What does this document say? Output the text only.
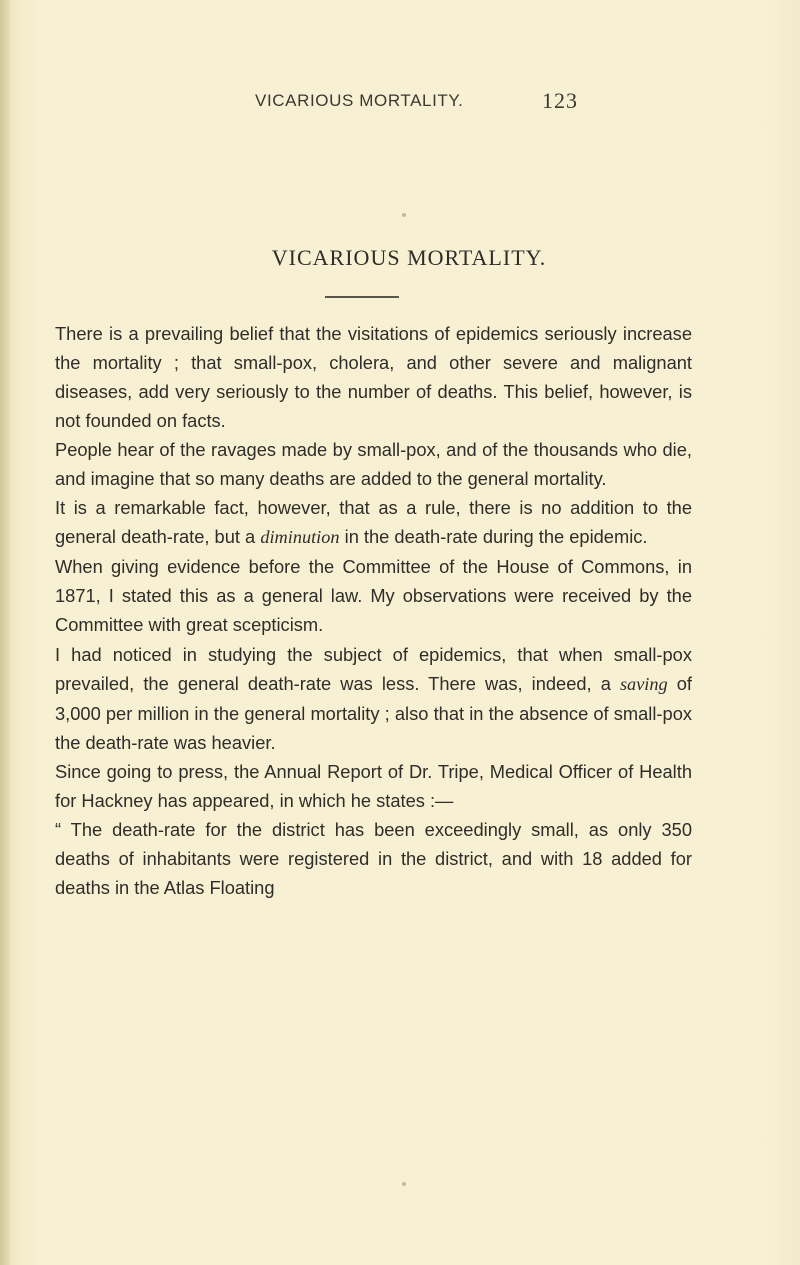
VICARIOUS MORTALITY.	123
VICARIOUS MORTALITY.

There is a prevailing belief that the visitations of epidemics seriously increase the mortality ; that small-pox, cholera, and other severe and malignant diseases, add very seriously to the number of deaths. This belief, however, is not founded on facts.

People hear of the ravages made by small-pox, and of the thousands who die, and imagine that so many deaths are added to the general mortality.

It is a remarkable fact, however, that as a rule, there is no addition to the general death-rate, but a diminution in the death-rate during the epidemic.

When giving evidence before the Committee of the House of Commons, in 1871, I stated this as a general law. My observations were received by the Committee with great scepticism.

I had noticed in studying the subject of epidemics, that when small-pox prevailed, the general death-rate was less. There was, indeed, a saving of 3,000 per million in the general mortality ; also that in the absence of small-pox the death-rate was heavier.

Since going to press, the Annual Report of Dr. Tripe, Medical Officer of Health for Hackney has appeared, in which he states :—

“ The death-rate for the district has been exceedingly small, as only 350 deaths of inhabitants were registered in the district, and with 18 added for deaths in the Atlas Floating
